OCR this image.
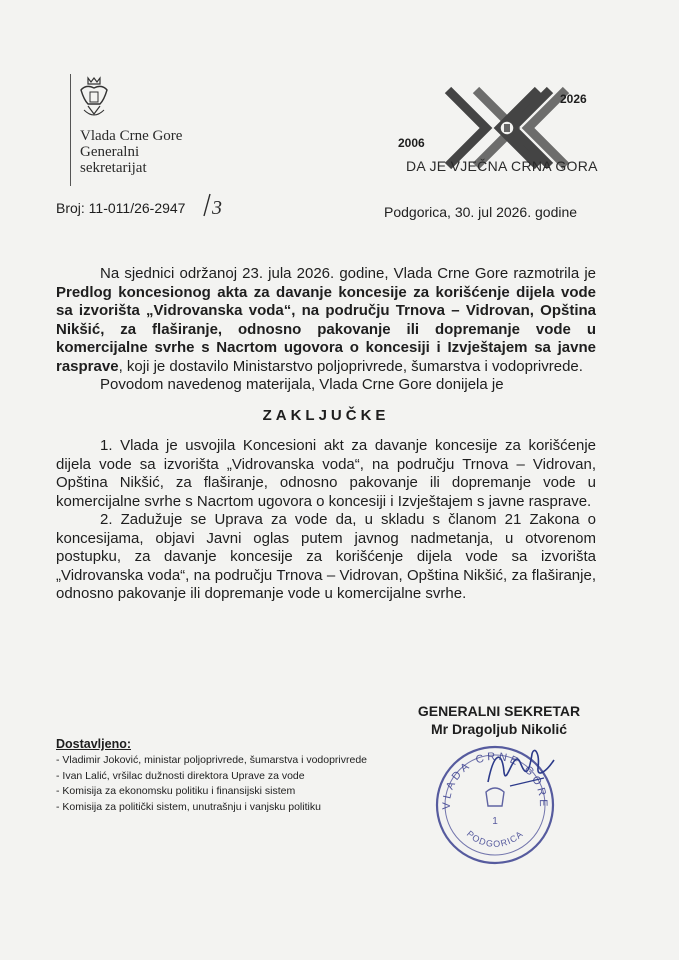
Vlada Crne Gore
Generalni
sekretarijat
2026
2006
DA JE VJEČNA CRNA GORA
Broj: 11-011/26-2947 3	Podgorica, 30. jul 2026. godine

Na sjednici održanoj 23. jula 2026. godine, Vlada Crne Gore razmotrila je Predlog koncesionog akta za davanje koncesije za korišćenje dijela vode sa izvorišta „Vidrovanska voda“, na području Trnova – Vidrovan, Opština Nikšić, za flaširanje, odnosno pakovanje ili dopremanje vode u komercijalne svrhe s Nacrtom ugovora o koncesiji i Izvještajem sa javne rasprave, koji je dostavilo Ministarstvo poljoprivrede, šumarstva i vodoprivrede.

Povodom navedenog materijala, Vlada Crne Gore donijela je

ZAKLJUČKE

1. Vlada je usvojila Koncesioni akt za davanje koncesije za korišćenje dijela vode sa izvorišta „Vidrovanska voda“, na području Trnova – Vidrovan, Opština Nikšić, za flaširanje, odnosno pakovanje ili dopremanje vode u komercijalne svrhe s Nacrtom ugovora o koncesiji i Izvještajem s javne rasprave.

2. Zadužuje se Uprava za vode da, u skladu s članom 21 Zakona o koncesijama, objavi Javni oglas putem javnog nadmetanja, u otvorenom postupku, za davanje koncesije za korišćenje dijela vode sa izvorišta „Vidrovanska voda“, na području Trnova – Vidrovan, Opština Nikšić, za flaširanje, odnosno pakovanje ili dopremanje vode u komercijalne svrhe.

GENERALNI SEKRETAR
Mr Dragoljub Nikolić
Dostavljeno:
- Vladimir Joković, ministar poljoprivrede, šumarstva i vodoprivrede
- Ivan Lalić, vršilac dužnosti direktora Uprave za vode
- Komisija za ekonomsku politiku i finansijski sistem
- Komisija za politički sistem, unutrašnju i vanjsku politiku	VLADA CRNE GORE
PODGORICA
1
